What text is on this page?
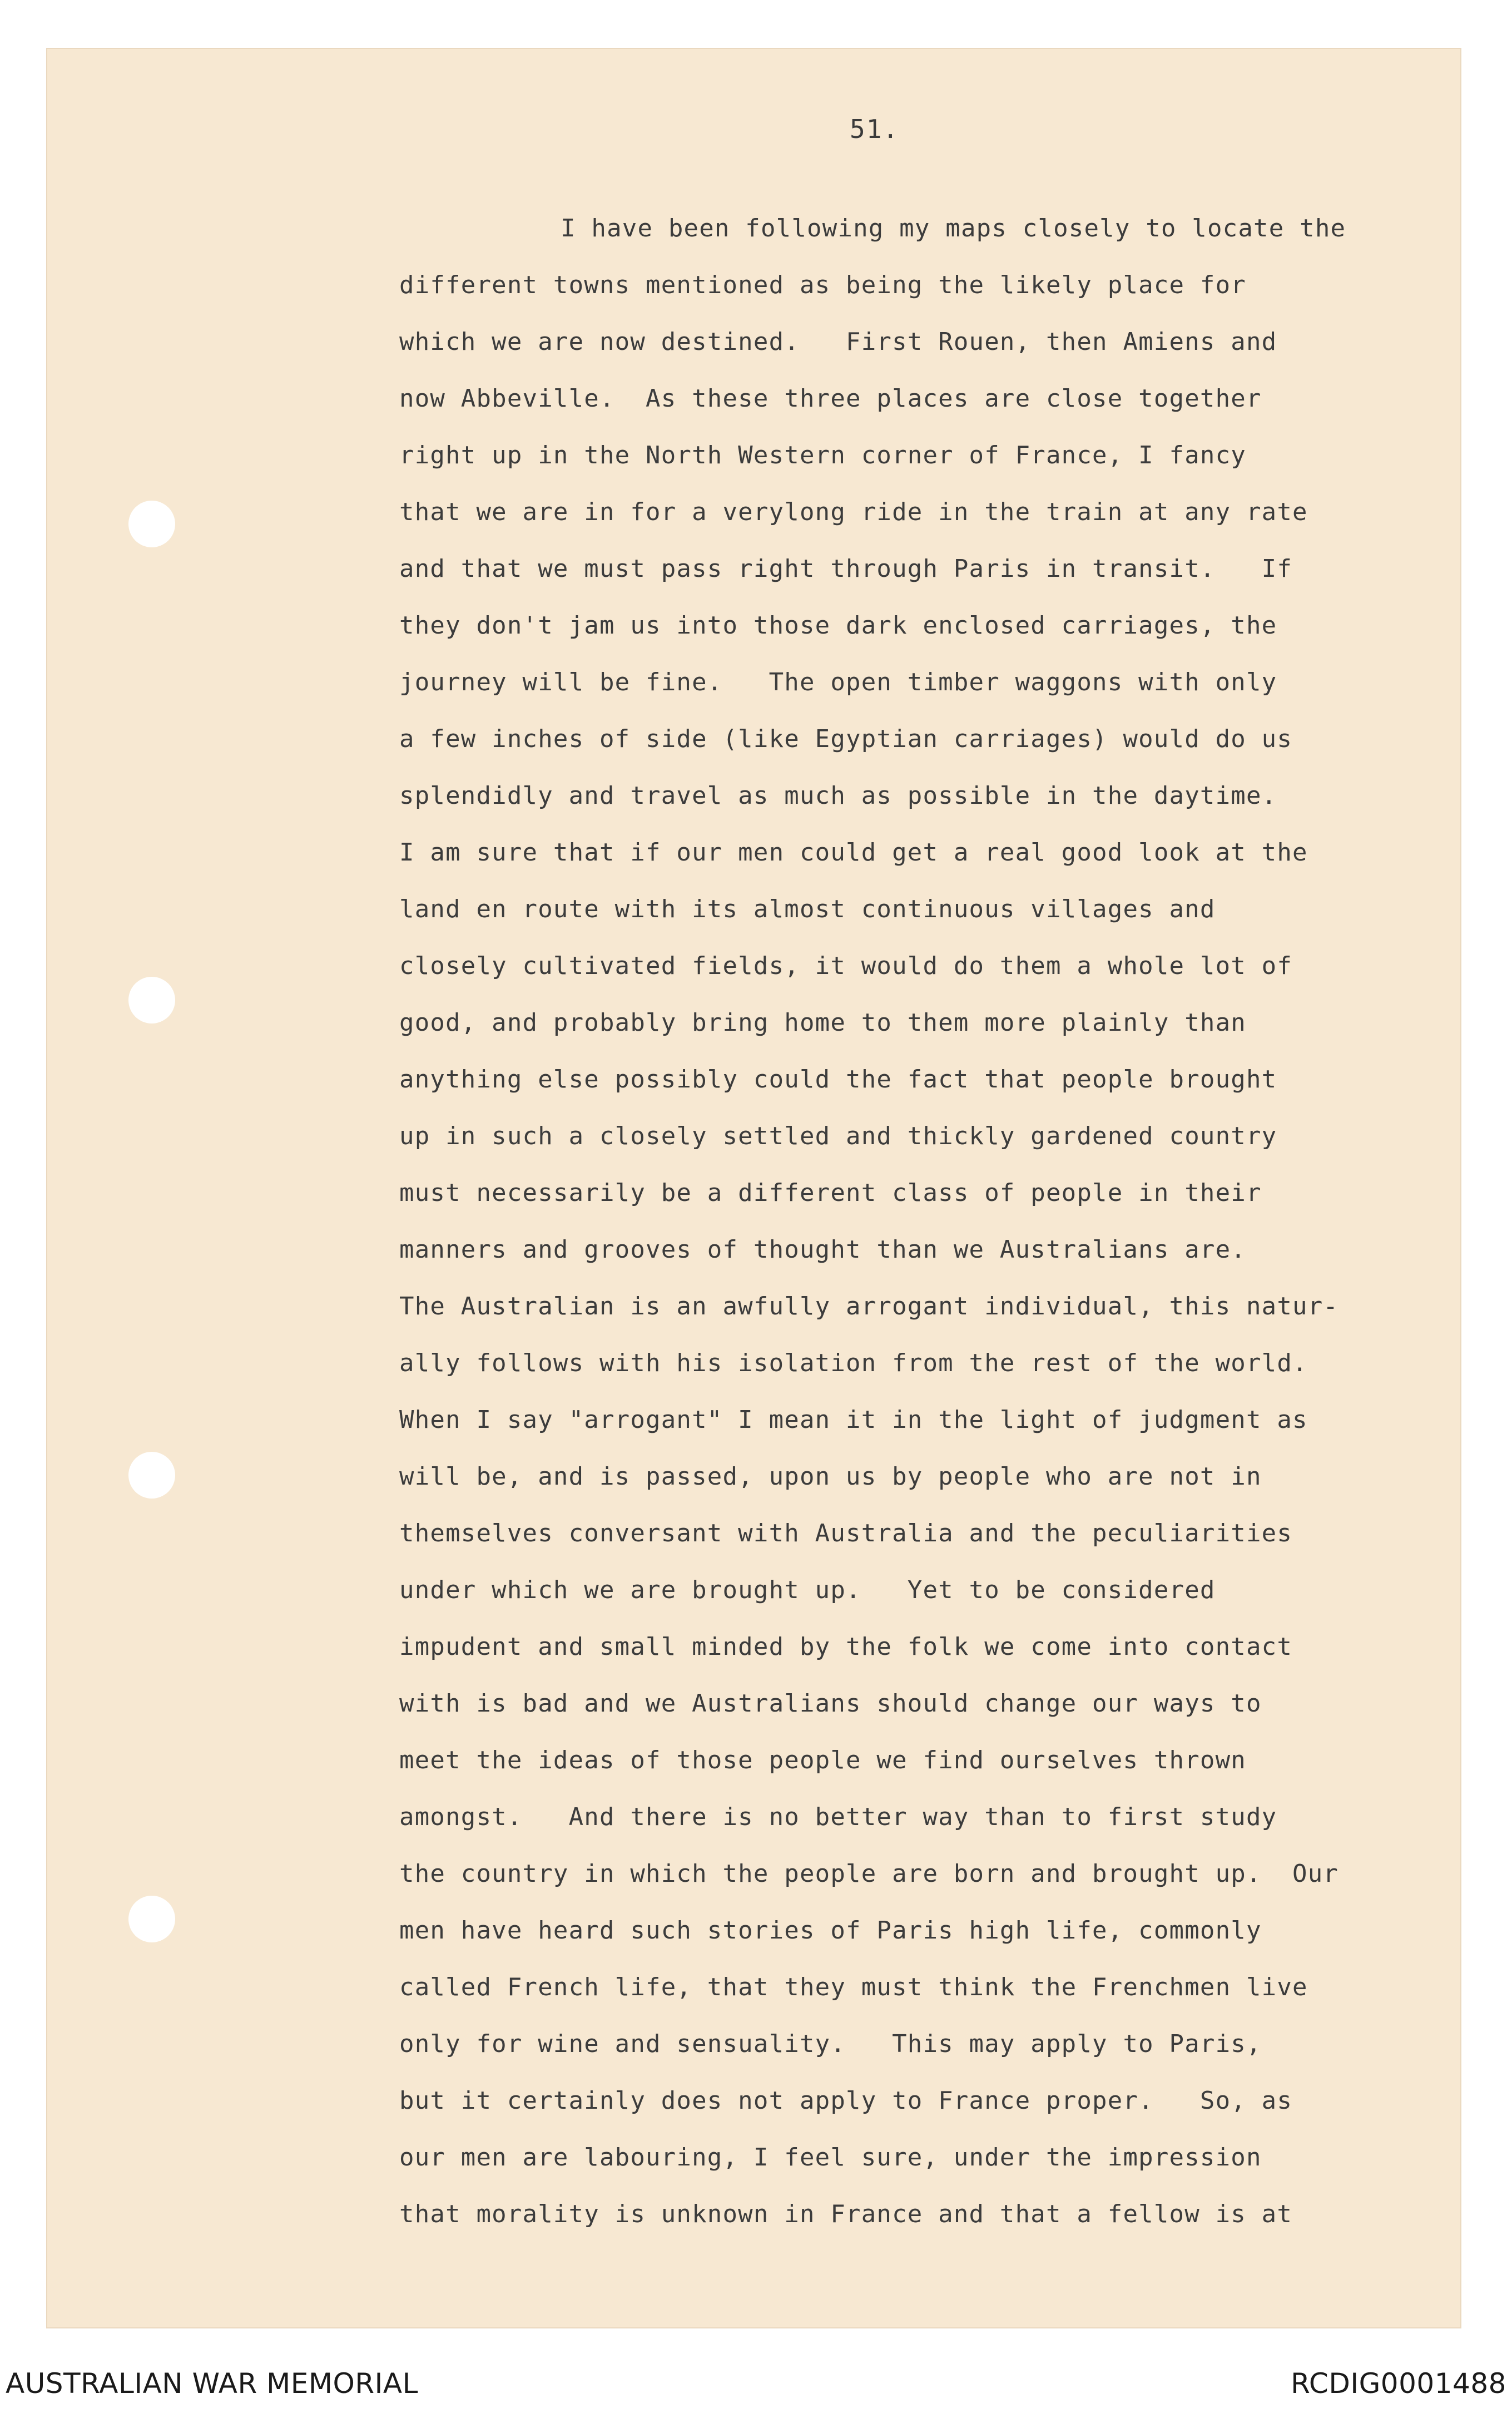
51.
I have been following my maps closely to locate the
different towns mentioned as being the likely place for
which we are now destined.   First Rouen, then Amiens and
now Abbeville.  As these three places are close together
right up in the North Western corner of France, I fancy
that we are in for a verylong ride in the train at any rate
and that we must pass right through Paris in transit.   If
they don't jam us into those dark enclosed carriages, the
journey will be fine.   The open timber waggons with only
a few inches of side (like Egyptian carriages) would do us
splendidly and travel as much as possible in the daytime.
I am sure that if our men could get a real good look at the
land en route with its almost continuous villages and
closely cultivated fields, it would do them a whole lot of
good, and probably bring home to them more plainly than
anything else possibly could the fact that people brought
up in such a closely settled and thickly gardened country
must necessarily be a different class of people in their
manners and grooves of thought than we Australians are.
The Australian is an awfully arrogant individual, this natur-
ally follows with his isolation from the rest of the world.
When I say "arrogant" I mean it in the light of judgment as
will be, and is passed, upon us by people who are not in
themselves conversant with Australia and the peculiarities
under which we are brought up.   Yet to be considered
impudent and small minded by the folk we come into contact
with is bad and we Australians should change our ways to
meet the ideas of those people we find ourselves thrown
amongst.   And there is no better way than to first study
the country in which the people are born and brought up.  Our
men have heard such stories of Paris high life, commonly
called French life, that they must think the Frenchmen live
only for wine and sensuality.   This may apply to Paris,
but it certainly does not apply to France proper.   So, as
our men are labouring, I feel sure, under the impression
that morality is unknown in France and that a fellow is at
AUSTRALIAN WAR MEMORIAL	RCDIG0001488
